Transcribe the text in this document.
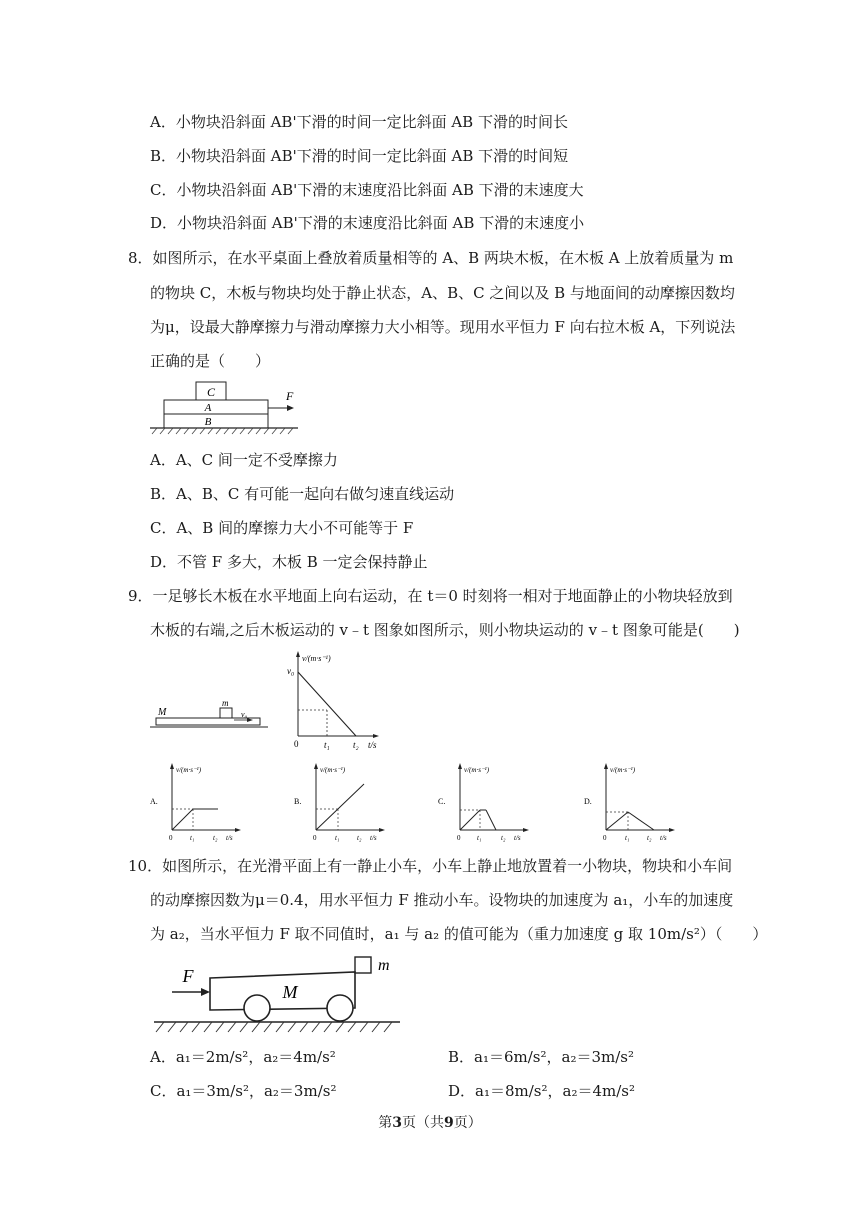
A．小物块沿斜面 AB'下滑的时间一定比斜面 AB 下滑的时间长
B．小物块沿斜面 AB'下滑的时间一定比斜面 AB 下滑的时间短
C．小物块沿斜面 AB'下滑的末速度沿比斜面 AB 下滑的末速度大
D．小物块沿斜面 AB'下滑的末速度沿比斜面 AB 下滑的末速度小
8．如图所示，在水平桌面上叠放着质量相等的 A、B 两块木板，在木板 A 上放着质量为 m
的物块 C，木板与物块均处于静止状态，A、B、C 之间以及 B 与地面间的动摩擦因数均
为μ，设最大静摩擦力与滑动摩擦力大小相等。现用水平恒力 F 向右拉木板 A，下列说法
正确的是（　　）
C
A
B
F
A．A、C 间一定不受摩擦力
B．A、B、C 有可能一起向右做匀速直线运动
C．A、B 间的摩擦力大小不可能等于 F
D．不管 F 多大，木板 B 一定会保持静止
9．一足够长木板在水平地面上向右运动，在 t＝0 时刻将一相对于地面静止的小物块轻放到
木板的右端,之后木板运动的 v﹣t 图象如图所示，则小物块运动的 v﹣t 图象可能是(　　)
M
m
v₀
v/(m·s⁻¹)
v₀
0	t₁	t₂ t/s
A.
v/(m·s⁻¹)
0	t₁	t₂ t/s
B.
v/(m·s⁻¹)
0	t₁	t₂ t/s
C.
v/(m·s⁻¹)
0 t₁	t₂ t/s
D.
v/(m·s⁻¹)
0	t₁	t₂ t/s
10．如图所示，在光滑平面上有一静止小车，小车上静止地放置着一小物块，物块和小车间
的动摩擦因数为μ＝0.4，用水平恒力 F 推动小车。设物块的加速度为 a₁，小车的加速度
为 a₂，当水平恒力 F 取不同值时，a₁ 与 a₂ 的值可能为（重力加速度 g 取 10m/s²）（　　）
F
M
m
A．a₁＝2m/s²，a₂＝4m/s²	B．a₁＝6m/s²，a₂＝3m/s²
C．a₁＝3m/s²，a₂＝3m/s²	D．a₁＝8m/s²，a₂＝4m/s²
第3页（共9页）
